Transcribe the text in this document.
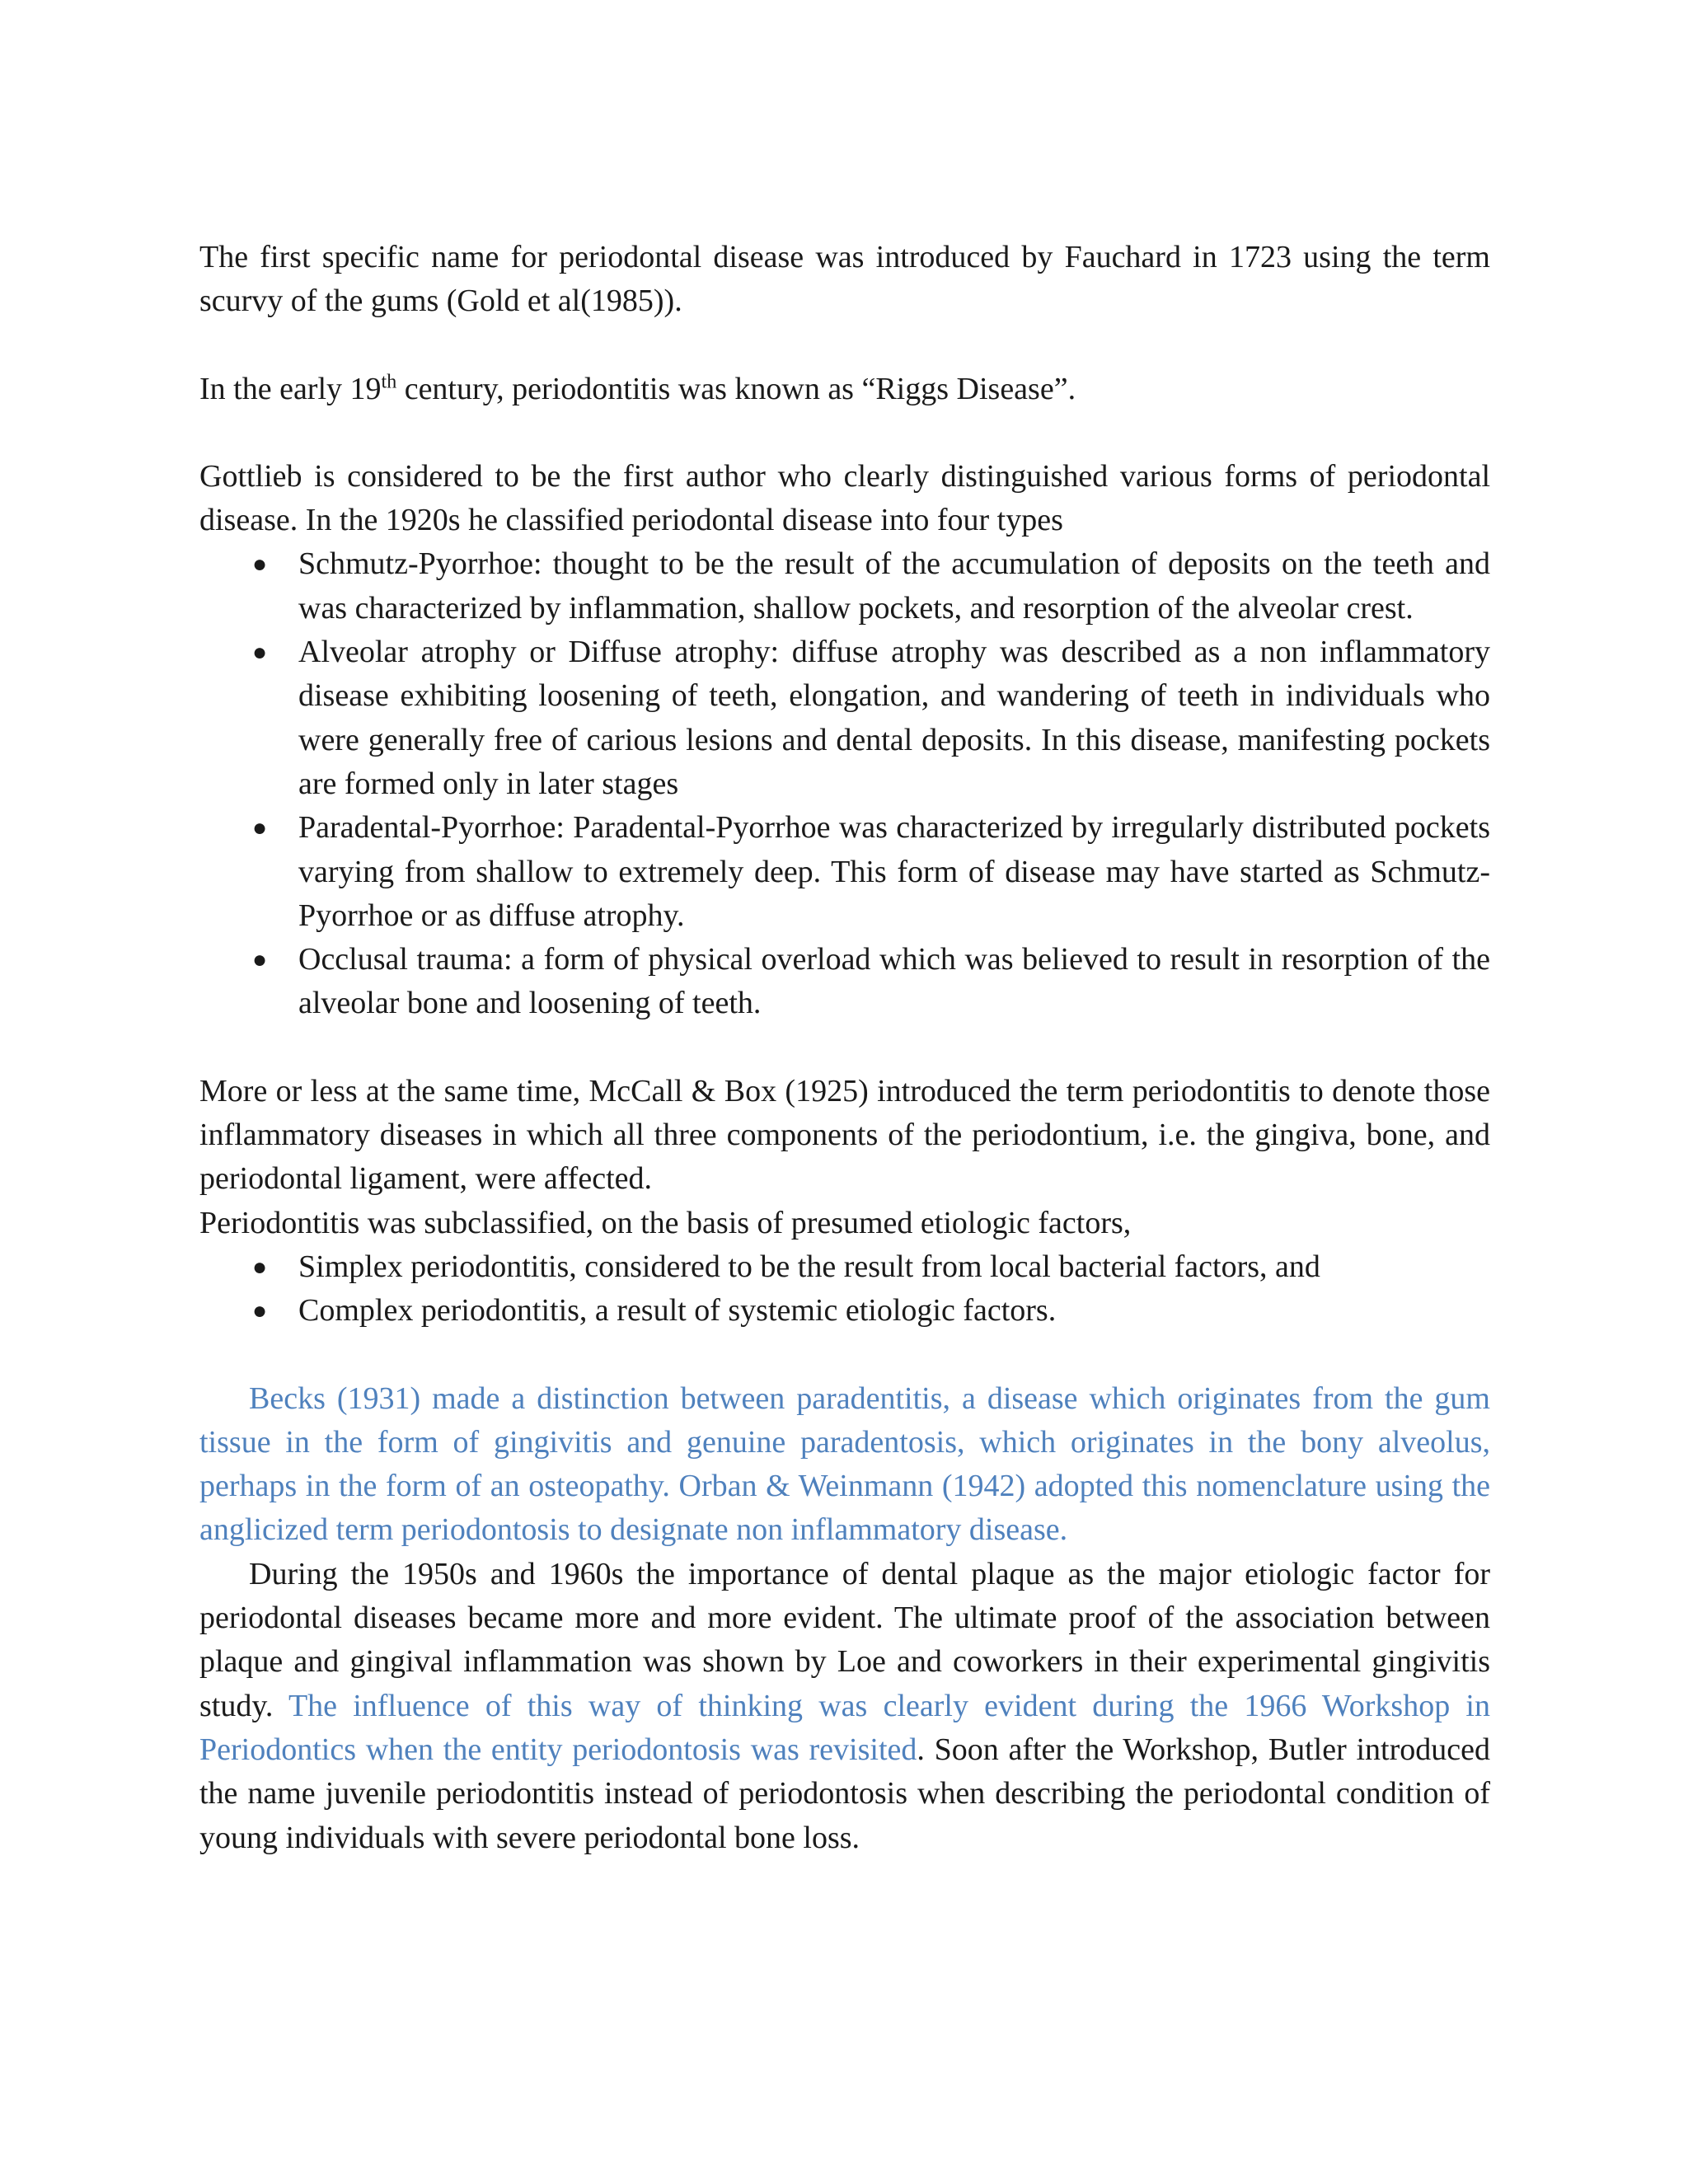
The first specific name for periodontal disease was introduced by Fauchard in 1723 using the term scurvy of the gums (Gold et al(1985)).

In the early 19th century, periodontitis was known as “Riggs Disease”.

Gottlieb is considered to be the first author who clearly distinguished various forms of periodontal disease. In the 1920s he classified periodontal disease into four types

● Schmutz-Pyorrhoe: thought to be the result of the accumulation of deposits on the teeth and was characterized by inflammation, shallow pockets, and resorption of the alveolar crest.
● Alveolar atrophy or Diffuse atrophy: diffuse atrophy was described as a non inflammatory disease exhibiting loosening of teeth, elongation, and wandering of teeth in individuals who were generally free of carious lesions and dental deposits. In this disease, manifesting pockets are formed only in later stages
● Paradental-Pyorrhoe: Paradental-Pyorrhoe was characterized by irregularly distributed pockets varying from shallow to extremely deep. This form of disease may have started as Schmutz-Pyorrhoe or as diffuse atrophy.
● Occlusal trauma: a form of physical overload which was believed to result in resorption of the alveolar bone and loosening of teeth.

More or less at the same time, McCall & Box (1925) introduced the term periodontitis to denote those inflammatory diseases in which all three components of the periodontium, i.e. the gingiva, bone, and periodontal ligament, were affected.

Periodontitis was subclassified, on the basis of presumed etiologic factors,

● Simplex periodontitis, considered to be the result from local bacterial factors, and
● Complex periodontitis, a result of systemic etiologic factors.

Becks (1931) made a distinction between paradentitis, a disease which originates from the gum tissue in the form of gingivitis and genuine paradentosis, which originates in the bony alveolus, perhaps in the form of an osteopathy. Orban & Weinmann (1942) adopted this nomenclature using the anglicized term periodontosis to designate non inflammatory disease.

During the 1950s and 1960s the importance of dental plaque as the major etiologic factor for periodontal diseases became more and more evident. The ultimate proof of the association between plaque and gingival inflammation was shown by Loe and coworkers in their experimental gingivitis study. The influence of this way of thinking was clearly evident during the 1966 Workshop in Periodontics when the entity periodontosis was revisited. Soon after the Workshop, Butler introduced the name juvenile periodontitis instead of periodontosis when describing the periodontal condition of young individuals with severe periodontal bone loss.
